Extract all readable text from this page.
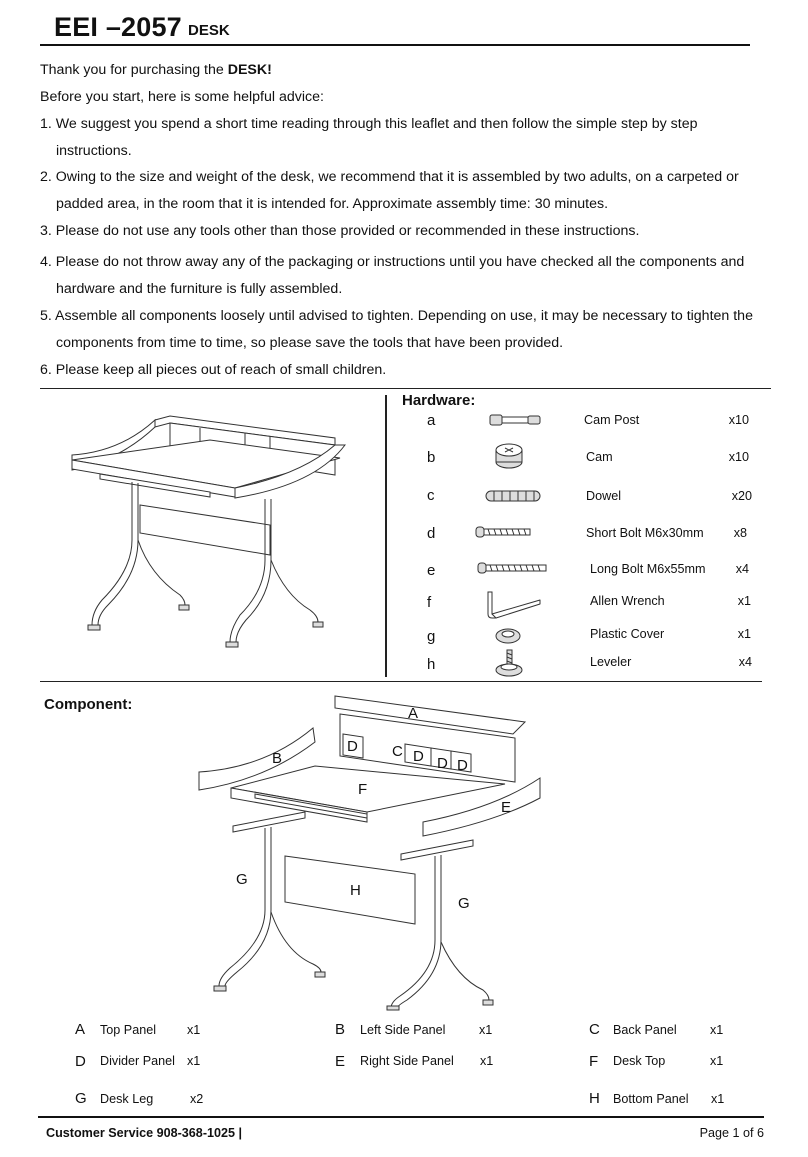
EEI –2057 DESK
Thank you for purchasing the DESK!
Before you start, here is some helpful advice:
1. We suggest you spend a short time reading through this leaflet and then follow the simple step by step
instructions.
2. Owing to the size and weight of the desk, we recommend that it is assembled by two adults, on a carpeted or
padded area, in the room that it is intended for. Approximate assembly time: 30 minutes.
3. Please do not use any tools other than those provided or recommended in these instructions.
4. Please do not throw away any of the packaging or instructions until you have checked all the components and
hardware and the furniture is fully assembled.
5. Assemble all components loosely until advised to tighten. Depending on use, it may be necessary to tighten the
components from time to time, so please save the tools that have been provided.
6. Please keep all pieces out of reach of small children.
Hardware:
a	Cam Post	x10
b	Cam	x10
c	Dowel	x20
d	Short Bolt M6x30mm	x8
e	Long Bolt M6x55mm	x4
f	Allen Wrench	x1
g	Plastic Cover	x1
h	Leveler	x4
Component:
A
B	C
D
D D D
F
E
G
H
G
A Top Panel x1	B Left Side Panel	x1	C Back Panel	x1
D Divider Panel x1	E Right Side Panel x1	F Desk Top	x1
G Desk Leg	x2	H Bottom Panel x1
Customer Service 908-368-1025 |	Page 1 of 6
